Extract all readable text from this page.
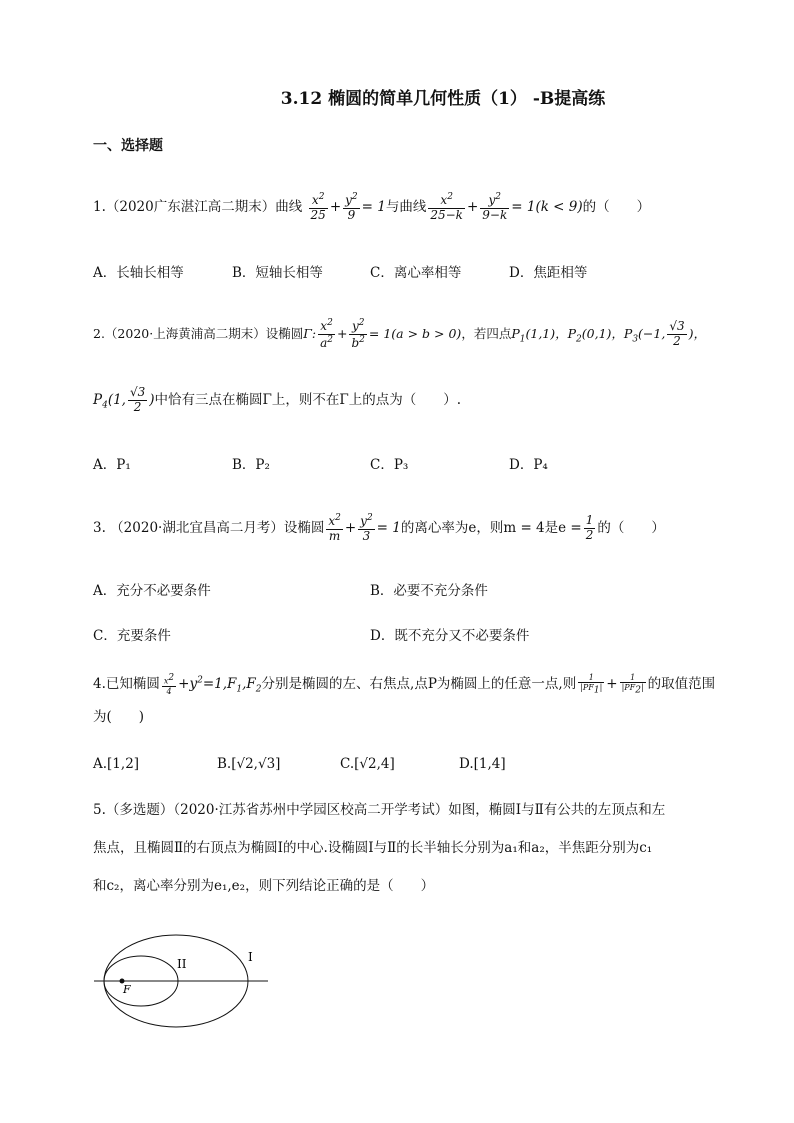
3.12 椭圆的简单几何性质（1） -B提高练
一、选择题
1.（2020广东湛江高二期末）曲线 $\frac{x^2}{25} + \frac{y^2}{9} = 1$与曲线 $\frac{x^2}{25-k} + \frac{y^2}{9-k} = 1(k < 9)$的（　　）
A．长轴长相等	B．短轴长相等	C．离心率相等	D．焦距相等
2.（2020·上海黄浦高二期末）设椭圆Γ: $\frac{x^2}{a^2} + \frac{y^2}{b^2} = 1(a > b > 0)$，若四点$P_1(1,1)$，$P_2(0,1)$，$P_3(-1$, $\frac{√3}{2}$ )，
$P_4(1$, $\frac{√3}{2}$ )中恰有三点在椭圆Γ上，则不在Γ上的点为（　　）.
A．P₁	B．P₂	C．P₃	D．P₄
3. （2020·湖北宜昌高二月考）设椭圆 $\frac{x^2}{m} + \frac{y^2}{3} = 1$的离心率为e，则m = 4是$e = \frac{1}{2}$ 的（　　）
A．充分不必要条件	B．必要不充分条件
C．充要条件	D．既不充分又不必要条件
4.已知椭圆 $\frac{x^2}{4} +y^2=1,F_1,F_2$分别是椭圆的左、右焦点,点P为椭圆上的任意一点,则 $\frac{1}{|PF_1|} + \frac{1}{|PF_2|}$ 的取值范围
为(　　)
A.[1,2]	B.[√2,√3]	C.[√2,4]	D.[1,4]
5.（多选题）（2020·江苏省苏州中学园区校高二开学考试）如图，椭圆Ⅰ与Ⅱ有公共的左顶点和左
焦点，且椭圆Ⅱ的右顶点为椭圆Ⅰ的中心.设椭圆Ⅰ与Ⅱ的长半轴长分别为a₁和a₂，半焦距分别为c₁
和c₂，离心率分别为e₁,e₂，则下列结论正确的是（　　）
I
II
F
